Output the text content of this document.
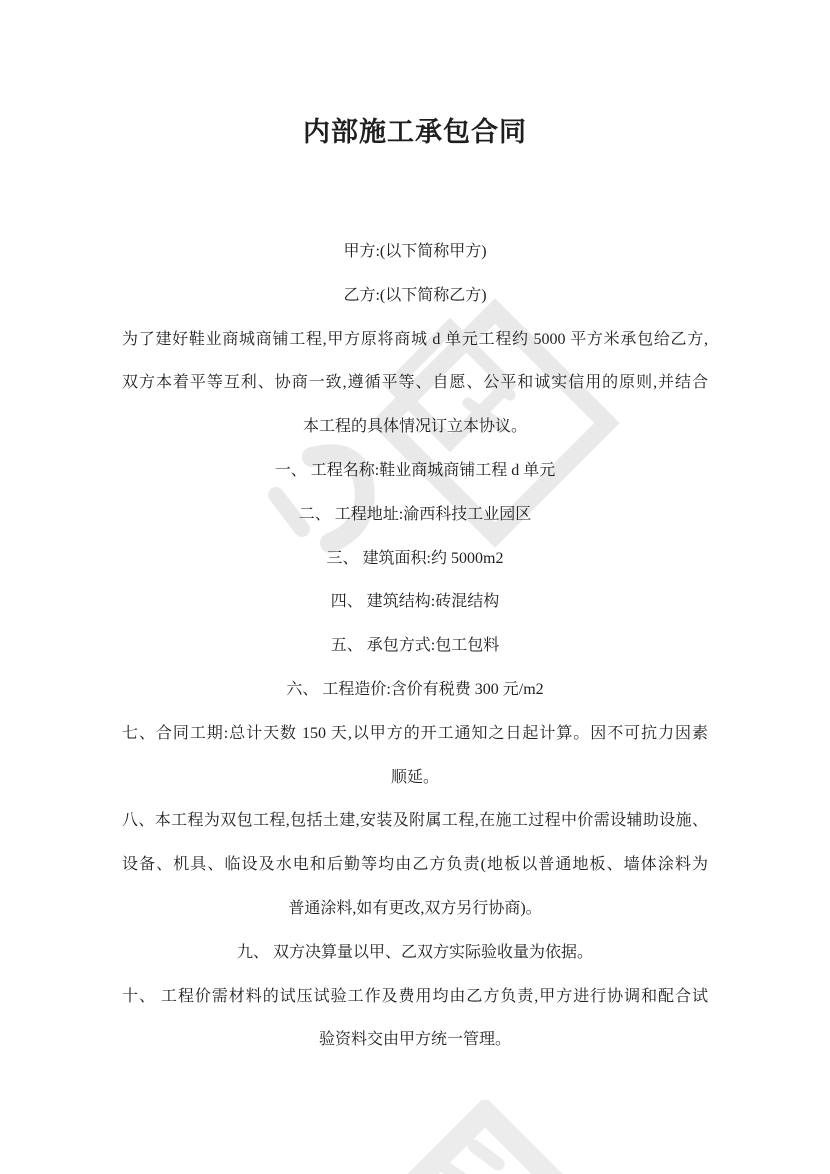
内部施工承包合同
甲方:(以下简称甲方)
乙方:(以下简称乙方)
为了建好鞋业商城商铺工程,甲方原将商城 d 单元工程约 5000 平方米承包给乙方,
双方本着平等互利、协商一致,遵循平等、自愿、公平和诚实信用的原则,并结合
本工程的具体情况订立本协议。
一、 工程名称:鞋业商城商铺工程 d 单元
二、 工程地址:渝西科技工业园区
三、 建筑面积:约 5000m2
四、 建筑结构:砖混结构
五、 承包方式:包工包料
六、 工程造价:含价有税费 300 元/m2
七、合同工期:总计天数 150 天,以甲方的开工通知之日起计算。因不可抗力因素
顺延。
八、本工程为双包工程,包括土建,安装及附属工程,在施工过程中价需设辅助设施、
设备、机具、临设及水电和后勤等均由乙方负责(地板以普通地板、墙体涂料为
普通涂料,如有更改,双方另行协商)。
九、 双方决算量以甲、乙双方实际验收量为依据。
十、 工程价需材料的试压试验工作及费用均由乙方负责,甲方进行协调和配合试
验资料交由甲方统一管理。
